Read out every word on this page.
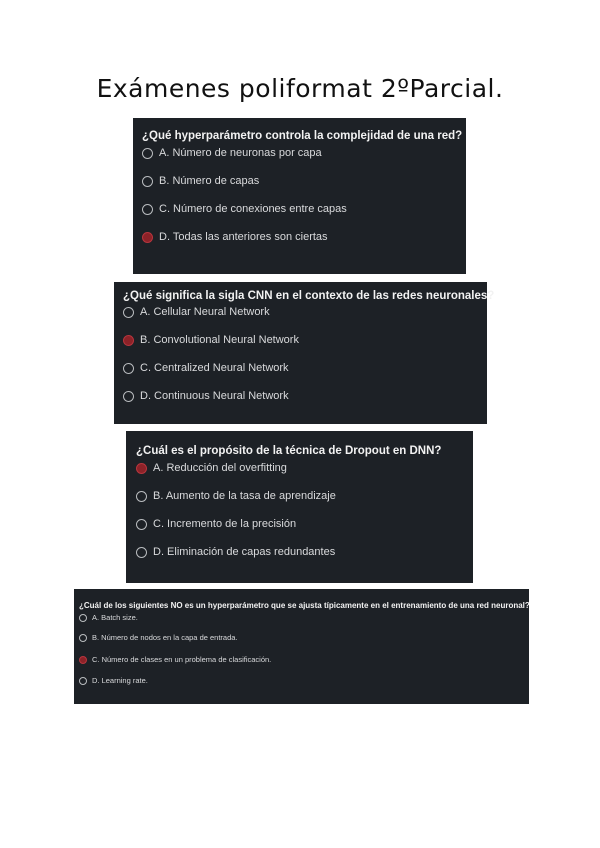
Exámenes poliformat 2ºParcial.
¿Qué hyperparámetro controla la complejidad de una red?
A. Número de neuronas por capa
B. Número de capas
C. Número de conexiones entre capas
D. Todas las anteriores son ciertas
¿Qué significa la sigla CNN en el contexto de las redes neuronales?
A. Cellular Neural Network
B. Convolutional Neural Network
C. Centralized Neural Network
D. Continuous Neural Network
¿Cuál es el propósito de la técnica de Dropout en DNN?
A. Reducción del overfitting
B. Aumento de la tasa de aprendizaje
C. Incremento de la precisión
D. Eliminación de capas redundantes
¿Cuál de los siguientes NO es un hyperparámetro que se ajusta típicamente en el entrenamiento de una red neuronal?
A. Batch size.
B. Número de nodos en la capa de entrada.
C. Número de clases en un problema de clasificación.
D. Learning rate.
